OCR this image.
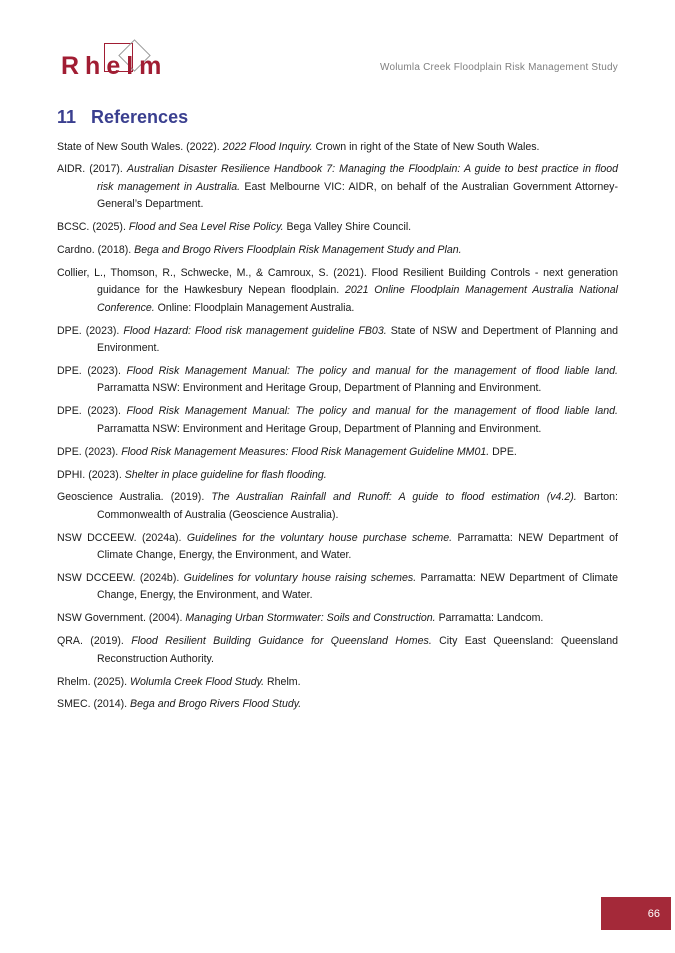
Rhelm	Wolumla Creek Floodplain Risk Management Study
11 References

State of New South Wales. (2022). 2022 Flood Inquiry. Crown in right of the State of New South Wales.

AIDR. (2017). Australian Disaster Resilience Handbook 7: Managing the Floodplain: A guide to best practice in flood risk management in Australia. East Melbourne VIC: AIDR, on behalf of the Australian Government Attorney-General’s Department.

BCSC. (2025). Flood and Sea Level Rise Policy. Bega Valley Shire Council.

Cardno. (2018). Bega and Brogo Rivers Floodplain Risk Management Study and Plan.

Collier, L., Thomson, R., Schwecke, M., & Camroux, S. (2021). Flood Resilient Building Controls - next generation guidance for the Hawkesbury Nepean floodplain. 2021 Online Floodplain Management Australia National Conference. Online: Floodplain Management Australia.

DPE. (2023). Flood Hazard: Flood risk management guideline FB03. State of NSW and Depertment of Planning and Environment.

DPE. (2023). Flood Risk Management Manual: The policy and manual for the management of flood liable land. Parramatta NSW: Environment and Heritage Group, Department of Planning and Environment.

DPE. (2023). Flood Risk Management Manual: The policy and manual for the management of flood liable land. Parramatta NSW: Environment and Heritage Group, Department of Planning and Environment.

DPE. (2023). Flood Risk Management Measures: Flood Risk Management Guideline MM01. DPE.

DPHI. (2023). Shelter in place guideline for flash flooding.

Geoscience Australia. (2019). The Australian Rainfall and Runoff: A guide to flood estimation (v4.2). Barton: Commonwealth of Australia (Geoscience Australia).

NSW DCCEEW. (2024a). Guidelines for the voluntary house purchase scheme. Parramatta: NEW Department of Climate Change, Energy, the Environment, and Water.

NSW DCCEEW. (2024b). Guidelines for voluntary house raising schemes. Parramatta: NEW Department of Climate Change, Energy, the Environment, and Water.

NSW Government. (2004). Managing Urban Stormwater: Soils and Construction. Parramatta: Landcom.

QRA. (2019). Flood Resilient Building Guidance for Queensland Homes. City East Queensland: Queensland Reconstruction Authority.

Rhelm. (2025). Wolumla Creek Flood Study. Rhelm.

SMEC. (2014). Bega and Brogo Rivers Flood Study.

66
